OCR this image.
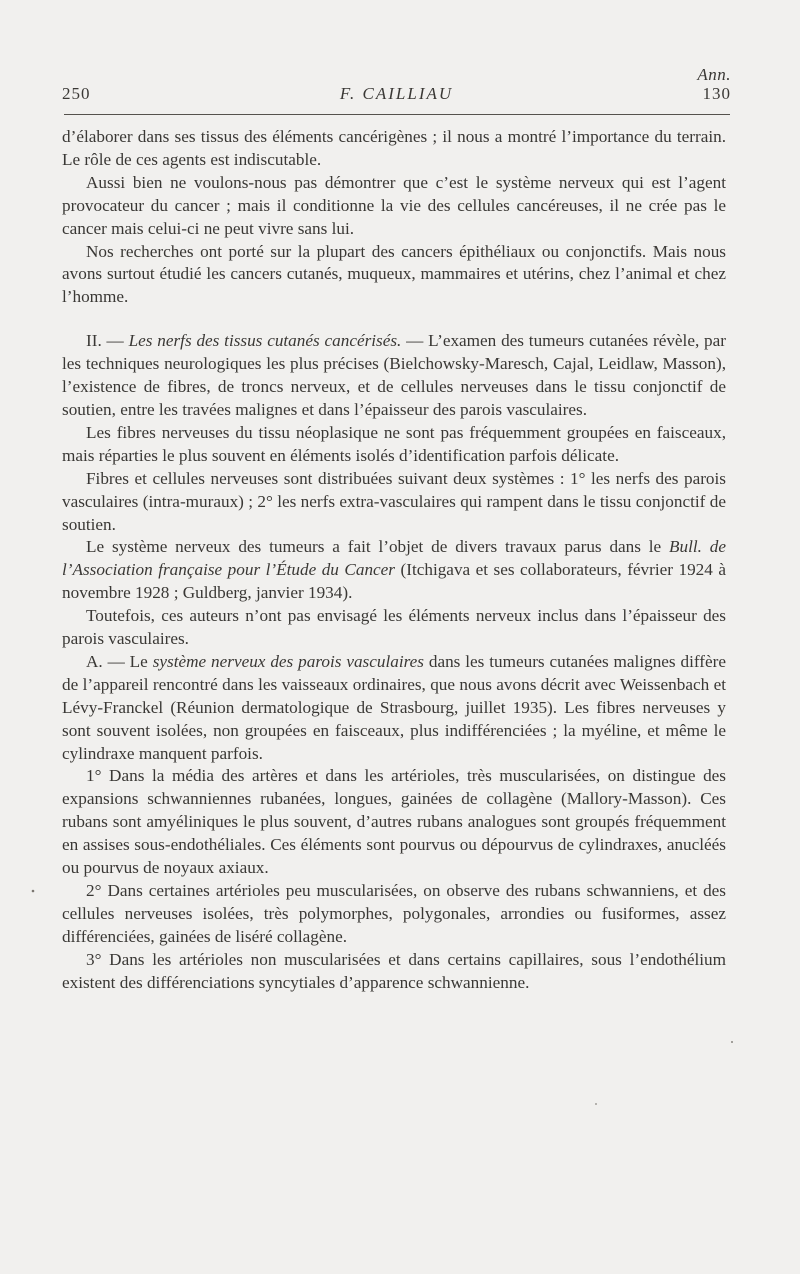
Ann.
250	F. CAILLIAU	130

d’élaborer dans ses tissus des éléments cancérigènes ; il nous a montré l’importance du terrain. Le rôle de ces agents est indiscutable.

Aussi bien ne voulons-nous pas démontrer que c’est le système nerveux qui est l’agent provocateur du cancer ; mais il conditionne la vie des cellules cancéreuses, il ne crée pas le cancer mais celui-ci ne peut vivre sans lui.

Nos recherches ont porté sur la plupart des cancers épithéliaux ou conjonctifs. Mais nous avons surtout étudié les cancers cutanés, muqueux, mammaires et utérins, chez l’animal et chez l’homme.

II. — Les nerfs des tissus cutanés cancérisés. — L’examen des tumeurs cutanées révèle, par les techniques neurologiques les plus précises (Bielchowsky-Maresch, Cajal, Leidlaw, Masson), l’existence de fibres, de troncs nerveux, et de cellules nerveuses dans le tissu conjonctif de soutien, entre les travées malignes et dans l’épaisseur des parois vasculaires.

Les fibres nerveuses du tissu néoplasique ne sont pas fréquemment groupées en faisceaux, mais réparties le plus souvent en éléments isolés d’identification parfois délicate.

Fibres et cellules nerveuses sont distribuées suivant deux systèmes : 1° les nerfs des parois vasculaires (intra-muraux) ; 2° les nerfs extra-vasculaires qui rampent dans le tissu conjonctif de soutien.

Le système nerveux des tumeurs a fait l’objet de divers travaux parus dans le Bull. de l’Association française pour l’Étude du Cancer (Itchigava et ses collaborateurs, février 1924 à novembre 1928 ; Guldberg, janvier 1934).

Toutefois, ces auteurs n’ont pas envisagé les éléments nerveux inclus dans l’épaisseur des parois vasculaires.

A. — Le système nerveux des parois vasculaires dans les tumeurs cutanées malignes diffère de l’appareil rencontré dans les vaisseaux ordinaires, que nous avons décrit avec Weissenbach et Lévy-Franckel (Réunion dermatologique de Strasbourg, juillet 1935). Les fibres nerveuses y sont souvent isolées, non groupées en faisceaux, plus indifférenciées ; la myéline, et même le cylindraxe manquent parfois.

1° Dans la média des artères et dans les artérioles, très muscularisées, on distingue des expansions schwanniennes rubanées, longues, gainées de collagène (Mallory-Masson). Ces rubans sont amyéliniques le plus souvent, d’autres rubans analogues sont groupés fréquemment en assises sous-endothéliales. Ces éléments sont pourvus ou dépourvus de cylindraxes, anucléés ou pourvus de noyaux axiaux.

2° Dans certaines artérioles peu muscularisées, on observe des rubans schwanniens, et des cellules nerveuses isolées, très polymorphes, polygonales, arrondies ou fusiformes, assez différenciées, gainées de liséré collagène.

3° Dans les artérioles non muscularisées et dans certains capillaires, sous l’endothélium existent des différenciations syncytiales d’apparence schwannienne.
